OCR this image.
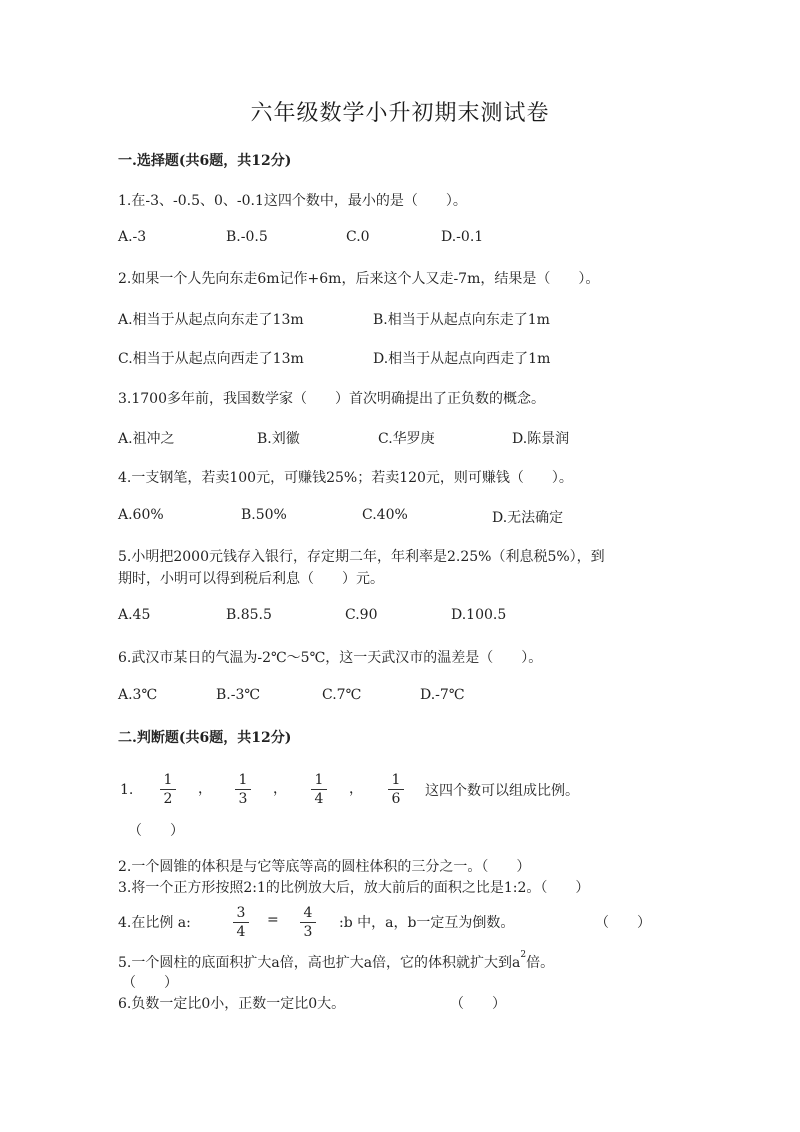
六年级数学小升初期末测试卷
一.选择题(共6题，共12分)
1.在-3、-0.5、0、-0.1这四个数中，最小的是（　　）。
A.-3	B.-0.5	C.0	D.-0.1
2.如果一个人先向东走6m记作+6m，后来这个人又走-7m，结果是（　　）。
A.相当于从起点向东走了13m	B.相当于从起点向东走了1m
C.相当于从起点向西走了13m	D.相当于从起点向西走了1m
3.1700多年前，我国数学家（　　）首次明确提出了正负数的概念。
A.祖冲之	B.刘徽	C.华罗庚	D.陈景润
4.一支钢笔，若卖100元，可赚钱25%；若卖120元，则可赚钱（　　）。
A.60%	B.50%	C.40%	D.无法确定
5.小明把2000元钱存入银行，存定期二年，年利率是2.25%（利息税5%），到
期时，小明可以得到税后利息（　　）元。
A.45	B.85.5	C.90	D.100.5
6.武汉市某日的气温为-2℃～5℃，这一天武汉市的温差是（　　）。
A.3℃	B.-3℃	C.7℃	D.-7℃
二.判断题(共6题，共12分)
1.
1
2
，
1
3
，
1
4
，
1
6 这四个数可以组成比例。
（　　）
2.一个圆锥的体积是与它等底等高的圆柱体积的三分之一。（　　）
3.将一个正方形按照2:1的比例放大后，放大前后的面积之比是1:2。（　　）
4.在比例 a:
3
4
= 4
3
:b 中，a，b一定互为倒数。	（　　）
5.一个圆柱的底面积扩大a倍，高也扩大a倍，它的体积就扩大到$a^2$倍。
（　　）
6.负数一定比0小，正数一定比0大。	（　　）
